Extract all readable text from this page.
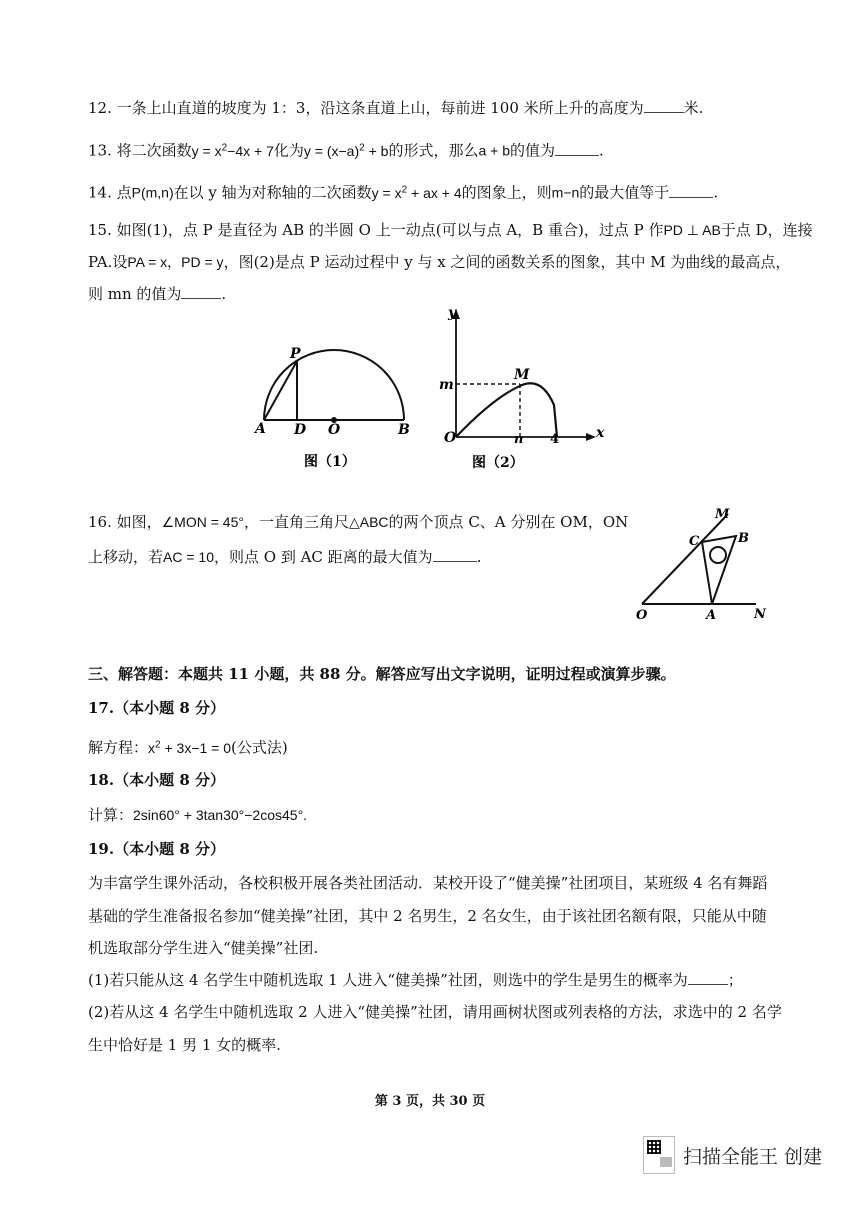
12. 一条上山直道的坡度为 1：3，沿这条直道上山，每前进 100 米所上升的高度为	米.
13. 将二次函数$y = x^2-4x + 7$化为$y = (x-a)^2 + b$的形式，那么a + b的值为	.
14. 点P(m,n)在以 y 轴为对称轴的二次函数$y = x^2$ + ax + 4的图象上，则m−n的最大值等于	.
15. 如图(1)，点 P 是直径为 AB 的半圆 O 上一动点(可以与点 A，B 重合)，过点 P 作PD ⊥ AB于点 D，连接
PA.设PA = x，PD = y，图(2)是点 P 运动过程中 y 与 x 之间的函数关系的图象，其中 M 为曲线的最高点，
则 mn 的值为	.
P
A D O	B
图（1）
y
x
m
M
O	n 4
图（2）
16. 如图，∠MON = 45°，一直角三角尺△ABC的两个顶点 C、A 分别在 OM，ON
上移动，若AC = 10，则点 O 到 AC 距离的最大值为	.
M
C	B
O	A	N
三、解答题：本题共 11 小题，共 88 分。解答应写出文字说明，证明过程或演算步骤。
17.（本小题 8 分）
解方程：$x^2 + 3x-1 = 0$(公式法)
18.（本小题 8 分）
计算：2sin60° + 3tan30°−2cos45°.
19.（本小题 8 分）
为丰富学生课外活动，各校积极开展各类社团活动．某校开设了“健美操”社团项目，某班级 4 名有舞蹈
基础的学生准备报名参加“健美操”社团，其中 2 名男生，2 名女生，由于该社团名额有限，只能从中随
机选取部分学生进入“健美操”社团.
(1)若只能从这 4 名学生中随机选取 1 人进入“健美操”社团，则选中的学生是男生的概率为	；
(2)若从这 4 名学生中随机选取 2 人进入“健美操”社团，请用画树状图或列表格的方法，求选中的 2 名学
生中恰好是 1 男 1 女的概率.
第 3 页，共 30 页
扫描全能王 创建
